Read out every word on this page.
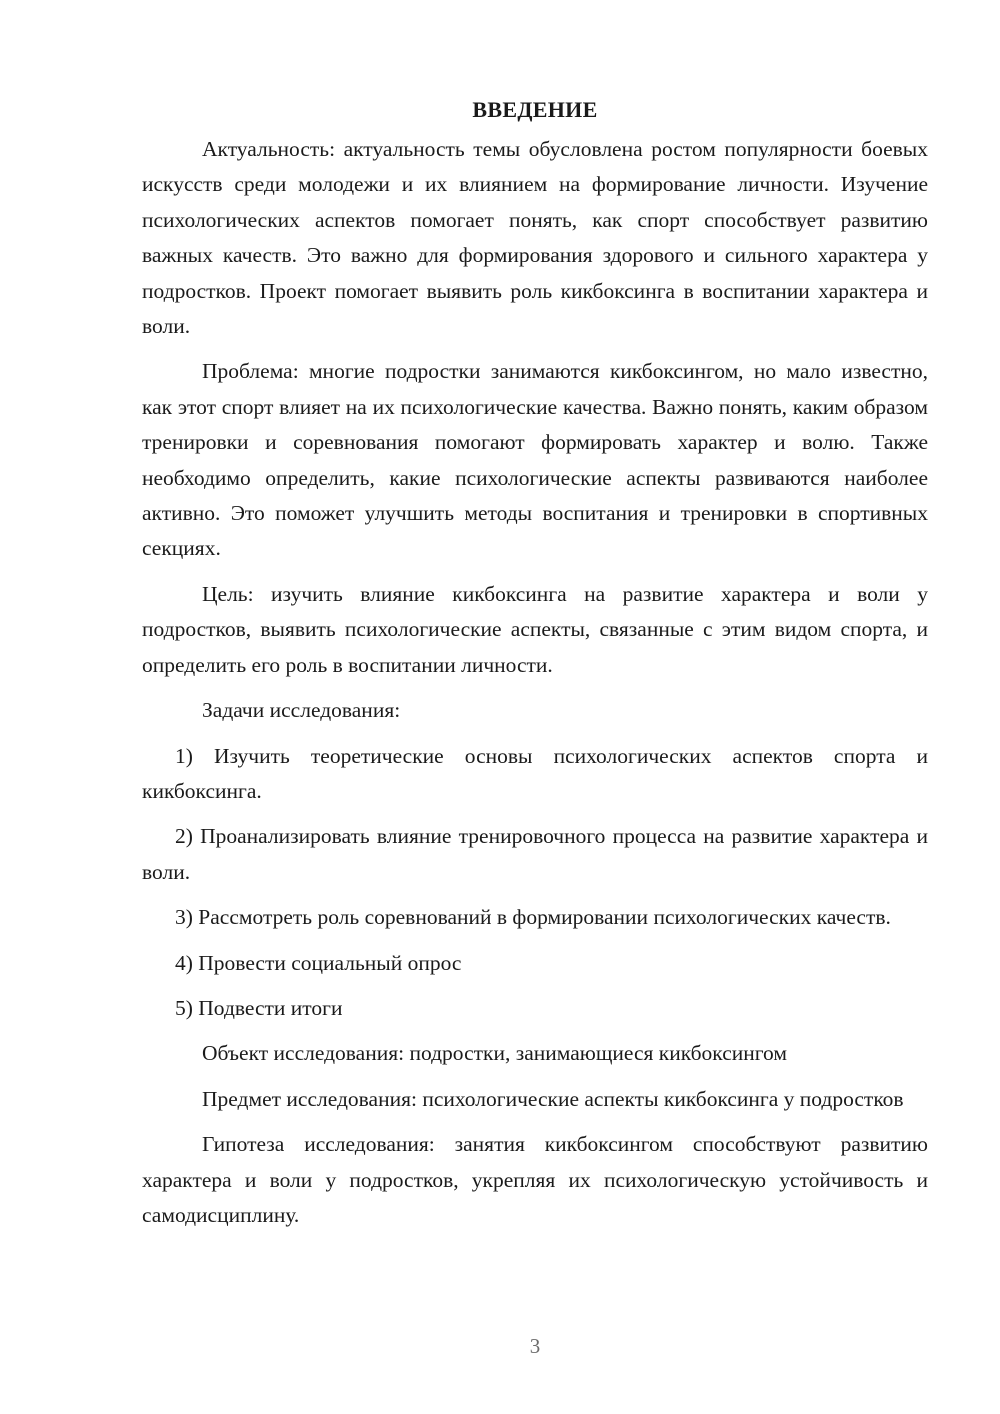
ВВЕДЕНИЕ

Актуальность: актуальность темы обусловлена ростом популярности боевых искусств среди молодежи и их влиянием на формирование личности. Изучение психологических аспектов помогает понять, как спорт способствует развитию важных качеств. Это важно для формирования здорового и сильного характера у подростков. Проект помогает выявить роль кикбоксинга в воспитании характера и воли.

Проблема: многие подростки занимаются кикбоксингом, но мало известно, как этот спорт влияет на их психологические качества. Важно понять, каким образом тренировки и соревнования помогают формировать характер и волю. Также необходимо определить, какие психологические аспекты развиваются наиболее активно. Это поможет улучшить методы воспитания и тренировки в спортивных секциях.

Цель: изучить влияние кикбоксинга на развитие характера и воли у подростков, выявить психологические аспекты, связанные с этим видом спорта, и определить его роль в воспитании личности.

Задачи исследования:

1) Изучить теоретические основы психологических аспектов спорта и кикбоксинга.

2) Проанализировать влияние тренировочного процесса на развитие характера и воли.

3) Рассмотреть роль соревнований в формировании психологических качеств.

4) Провести социальный опрос

5) Подвести итоги

Объект исследования: подростки, занимающиеся кикбоксингом

Предмет исследования: психологические аспекты кикбоксинга у подростков

Гипотеза исследования: занятия кикбоксингом способствуют развитию характера и воли у подростков, укрепляя их психологическую устойчивость и самодисциплину.

3
